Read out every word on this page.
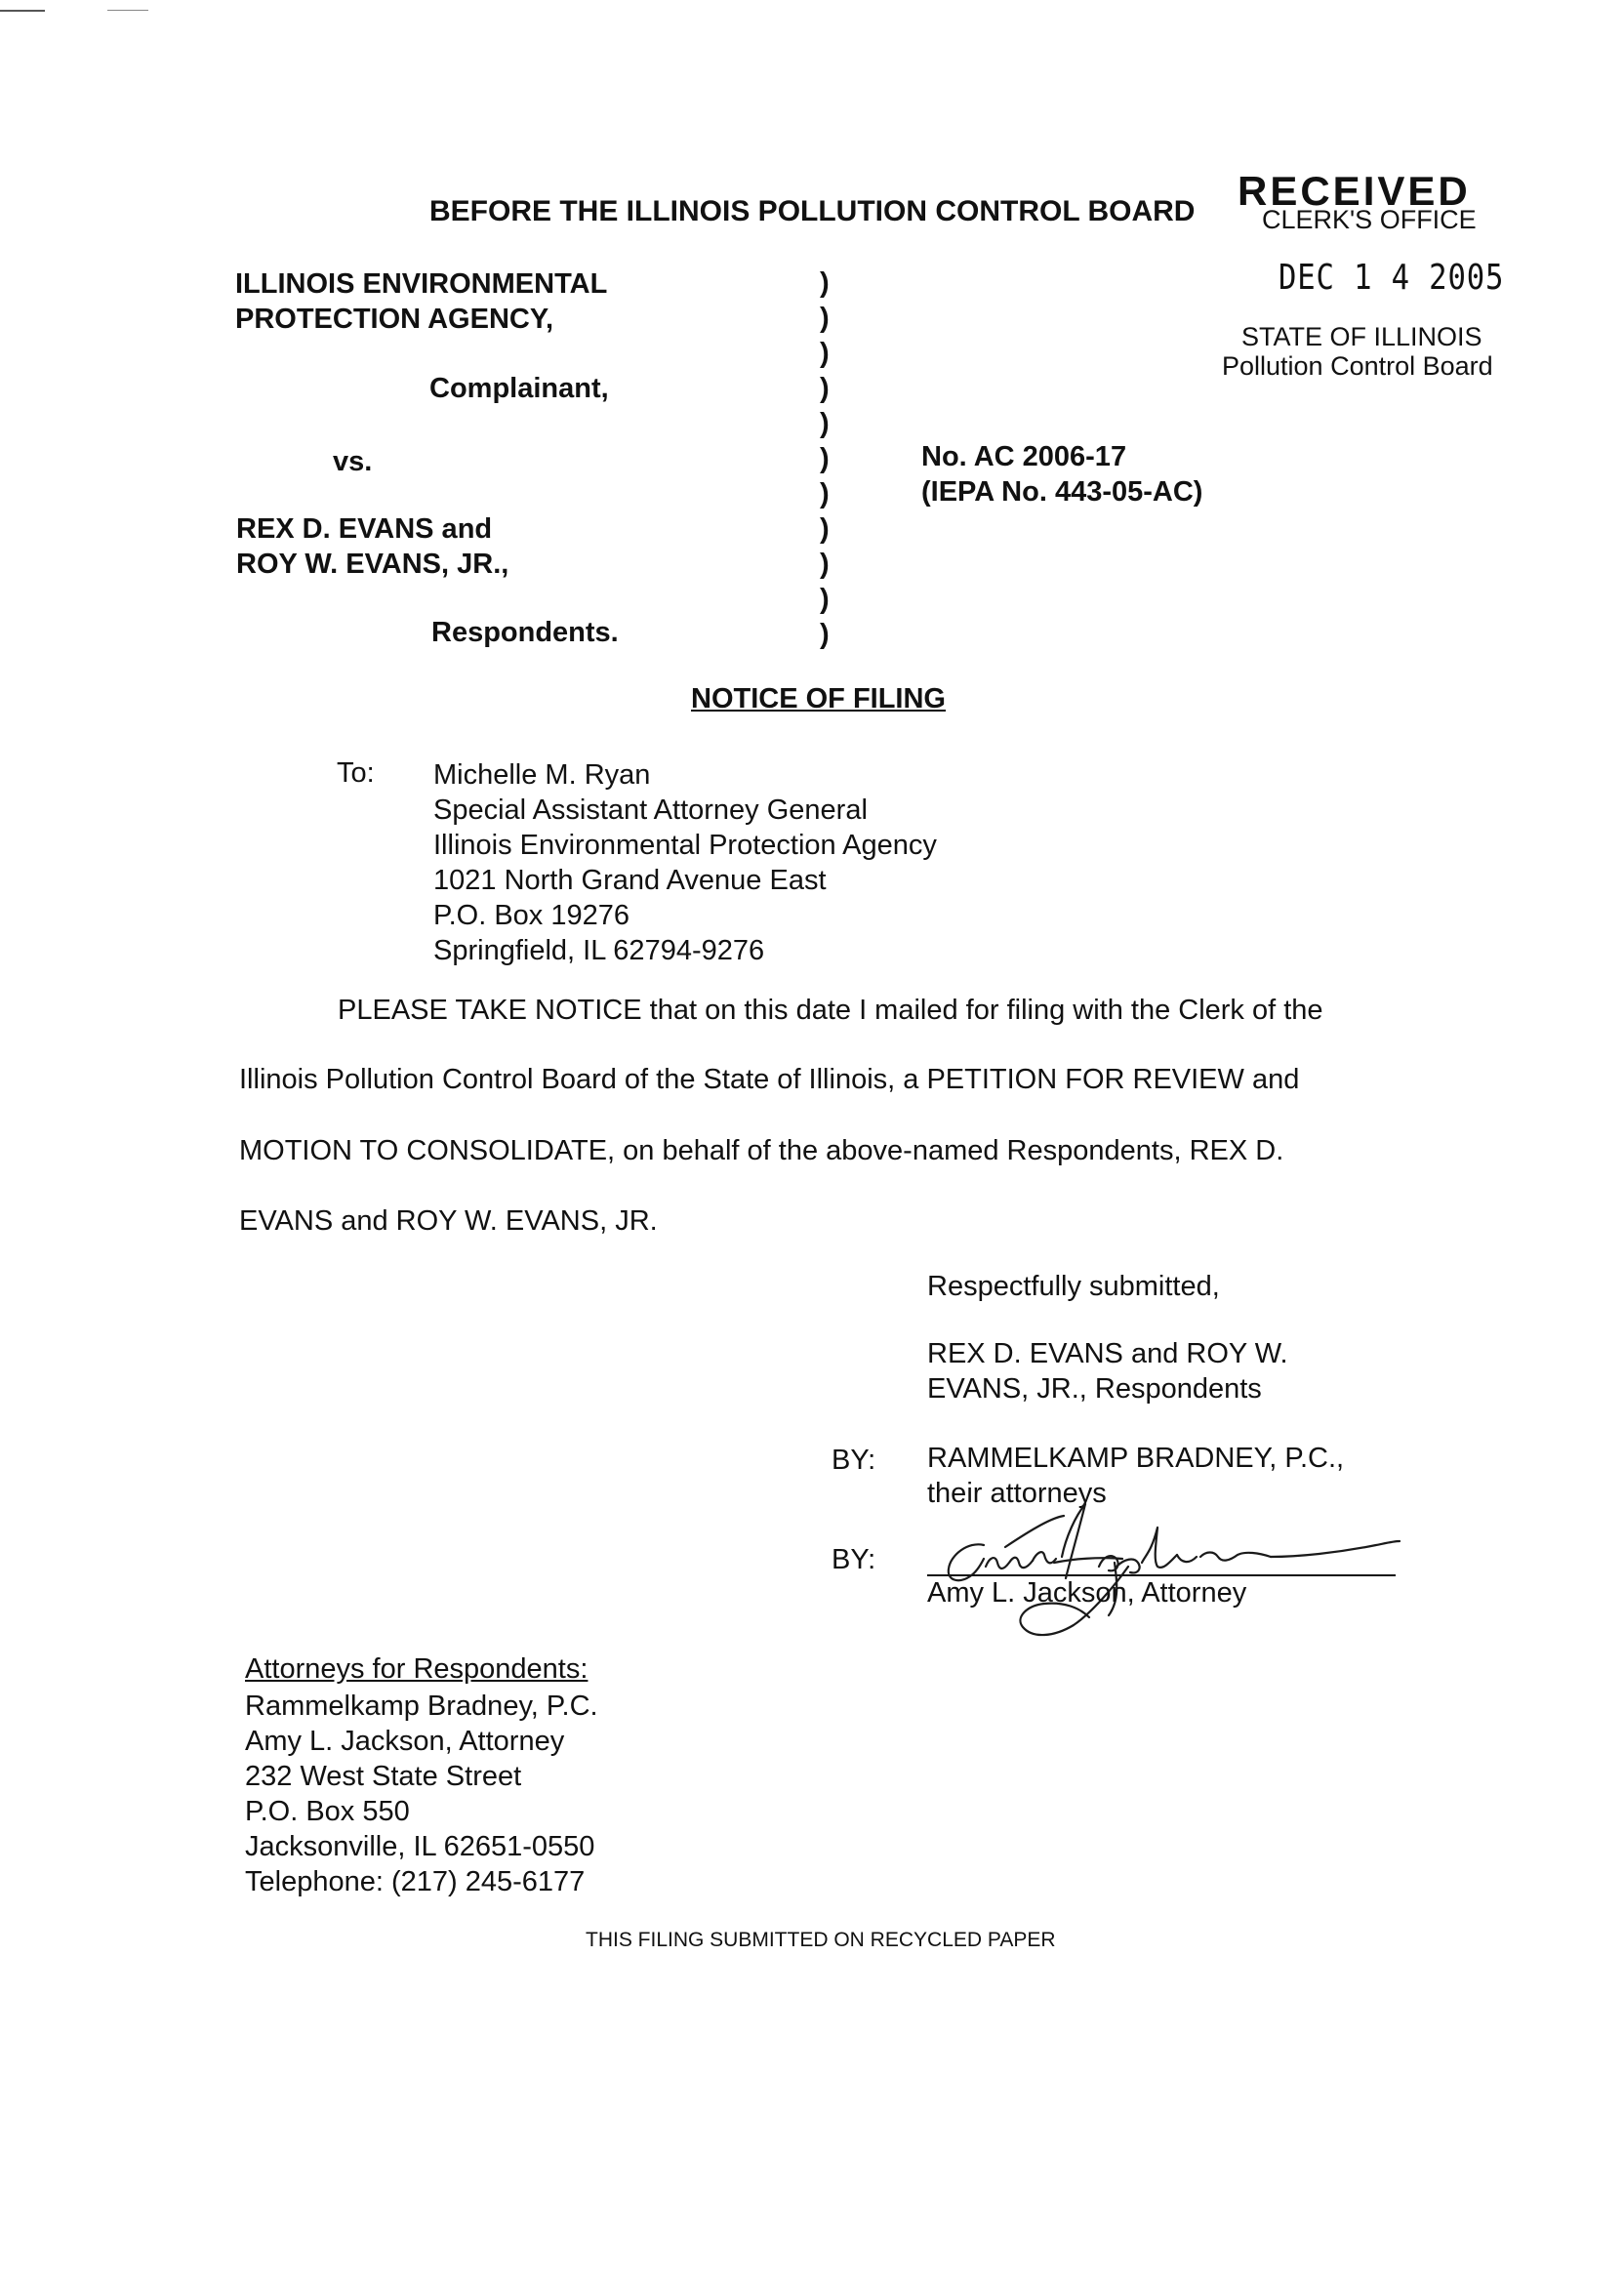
BEFORE THE ILLINOIS POLLUTION CONTROL BOARD RECEIVED
CLERK'S OFFICE
DEC 1 4 2005
STATE OF ILLINOIS
Pollution Control Board
ILLINOIS ENVIRONMENTAL
PROTECTION AGENCY,
Complainant,
vs.
REX D. EVANS and
ROY W. EVANS, JR.,
Respondents.
)
)
)
)
)
)
)
)
)
)
)
No. AC 2006-17
(IEPA No. 443-05-AC)
NOTICE OF FILING
To: Michelle M. Ryan
Special Assistant Attorney General
Illinois Environmental Protection Agency
1021 North Grand Avenue East
P.O. Box 19276
Springfield, IL 62794-9276
PLEASE TAKE NOTICE that on this date I mailed for filing with the Clerk of the
Illinois Pollution Control Board of the State of Illinois, a PETITION FOR REVIEW and
MOTION TO CONSOLIDATE, on behalf of the above-named Respondents, REX D.
EVANS and ROY W. EVANS, JR.
Respectfully submitted,
REX D. EVANS and ROY W.
EVANS, JR., Respondents
BY: RAMMELKAMP BRADNEY, P.C.,
their attorneys
BY:
Amy L. Jackson, Attorney
Attorneys for Respondents:
Rammelkamp Bradney, P.C.
Amy L. Jackson, Attorney
232 West State Street
P.O. Box 550
Jacksonville, IL 62651-0550
Telephone: (217) 245-6177
THIS FILING SUBMITTED ON RECYCLED PAPER
